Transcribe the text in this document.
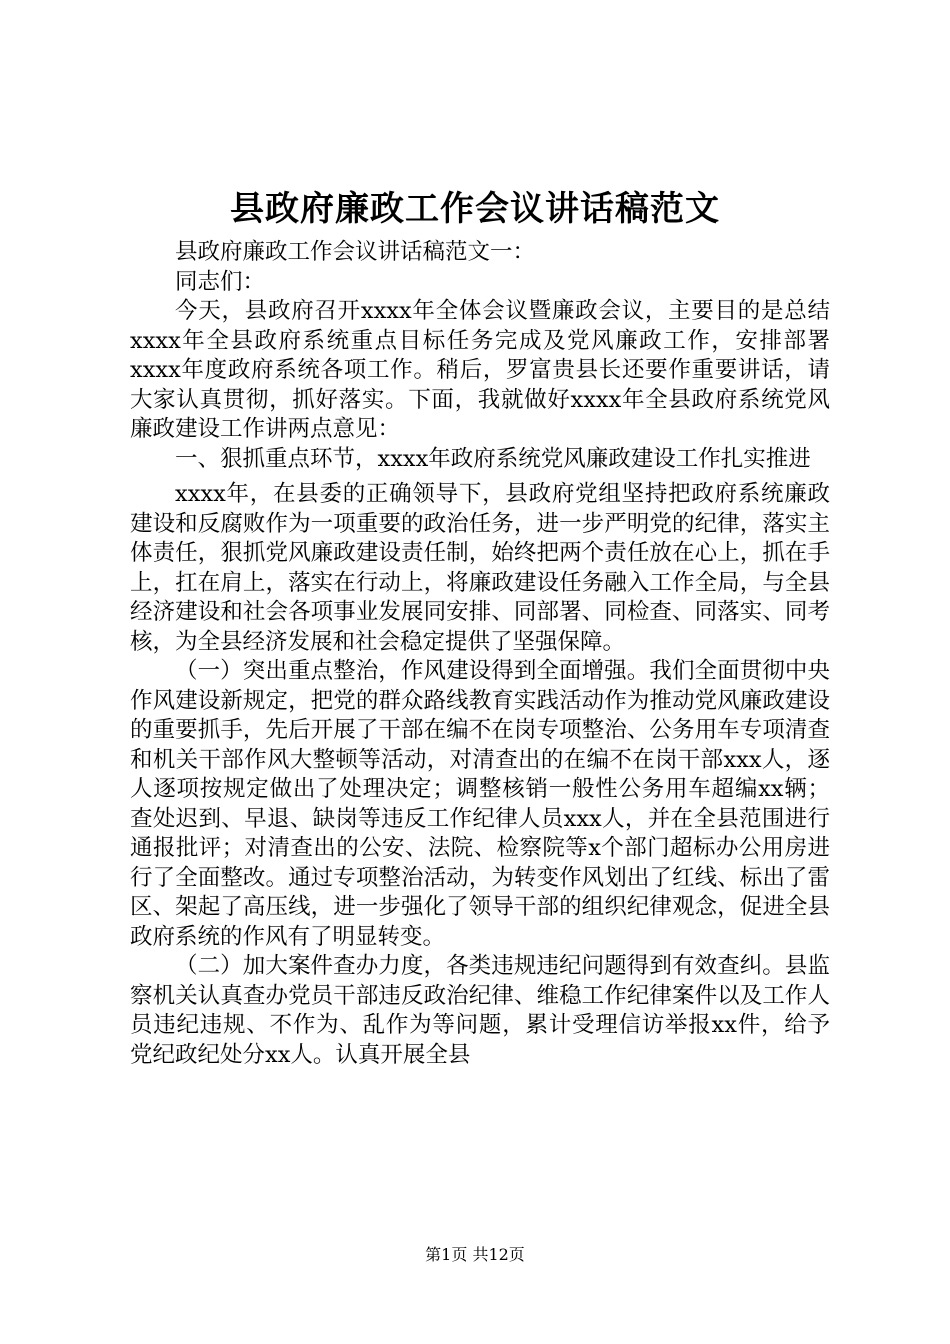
县政府廉政工作会议讲话稿范文

县政府廉政工作会议讲话稿范文一：

同志们：

今天，县政府召开xxxx年全体会议暨廉政会议，主要目的是总结xxxx年全县政府系统重点目标任务完成及党风廉政工作，安排部署xxxx年度政府系统各项工作。稍后，罗富贵县长还要作重要讲话，请大家认真贯彻，抓好落实。下面，我就做好xxxx年全县政府系统党风廉政建设工作讲两点意见：

一、狠抓重点环节，xxxx年政府系统党风廉政建设工作扎实推进

xxxx年，在县委的正确领导下，县政府党组坚持把政府系统廉政建设和反腐败作为一项重要的政治任务，进一步严明党的纪律，落实主体责任，狠抓党风廉政建设责任制，始终把两个责任放在心上，抓在手上，扛在肩上，落实在行动上，将廉政建设任务融入工作全局，与全县经济建设和社会各项事业发展同安排、同部署、同检查、同落实、同考核，为全县经济发展和社会稳定提供了坚强保障。

（一）突出重点整治，作风建设得到全面增强。我们全面贯彻中央作风建设新规定，把党的群众路线教育实践活动作为推动党风廉政建设的重要抓手，先后开展了干部在编不在岗专项整治、公务用车专项清查和机关干部作风大整顿等活动，对清查出的在编不在岗干部xxx人，逐人逐项按规定做出了处理决定；调整核销一般性公务用车超编xx辆；查处迟到、早退、缺岗等违反工作纪律人员xxx人，并在全县范围进行通报批评；对清查出的公安、法院、检察院等x个部门超标办公用房进行了全面整改。通过专项整治活动，为转变作风划出了红线、标出了雷区、架起了高压线，进一步强化了领导干部的组织纪律观念，促进全县政府系统的作风有了明显转变。

（二）加大案件查办力度，各类违规违纪问题得到有效查纠。县监察机关认真查办党员干部违反政治纪律、维稳工作纪律案件以及工作人员违纪违规、不作为、乱作为等问题，累计受理信访举报xx件，给予党纪政纪处分xx人。认真开展全县

第1页 共12页
